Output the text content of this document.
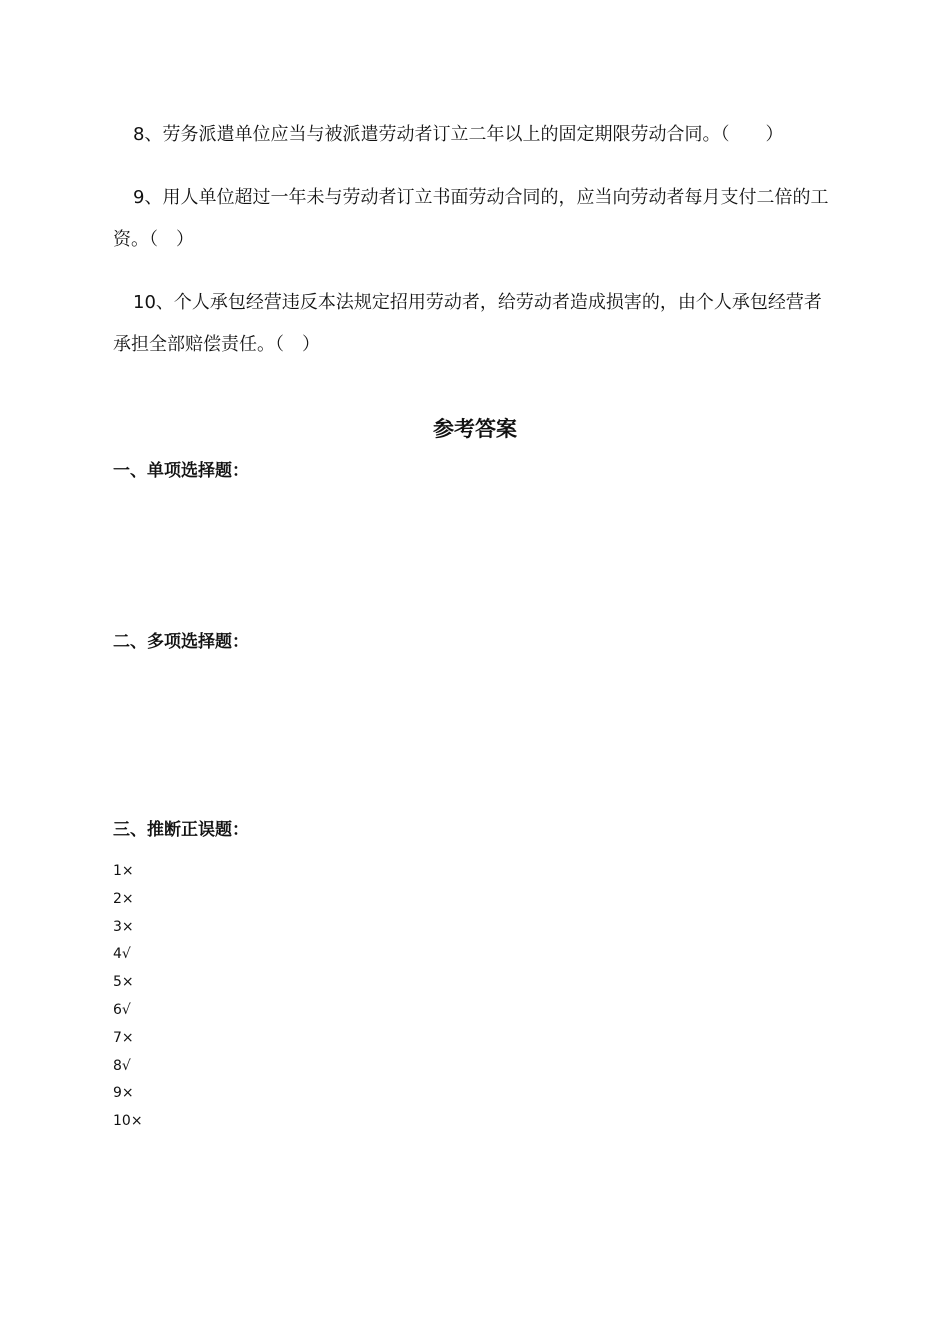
8、劳务派遣单位应当与被派遣劳动者订立二年以上的固定期限劳动合同。（　　）

9、用人单位超过一年未与劳动者订立书面劳动合同的，应当向劳动者每月支付二倍的工资。（　）

10、个人承包经营违反本法规定招用劳动者，给劳动者造成损害的，由个人承包经营者承担全部赔偿责任。（　）

参考答案
一、单项选择题：
二、多项选择题：
三、推断正误题：
1×
2×
3×
4√
5×
6√
7×
8√
9×
10×
